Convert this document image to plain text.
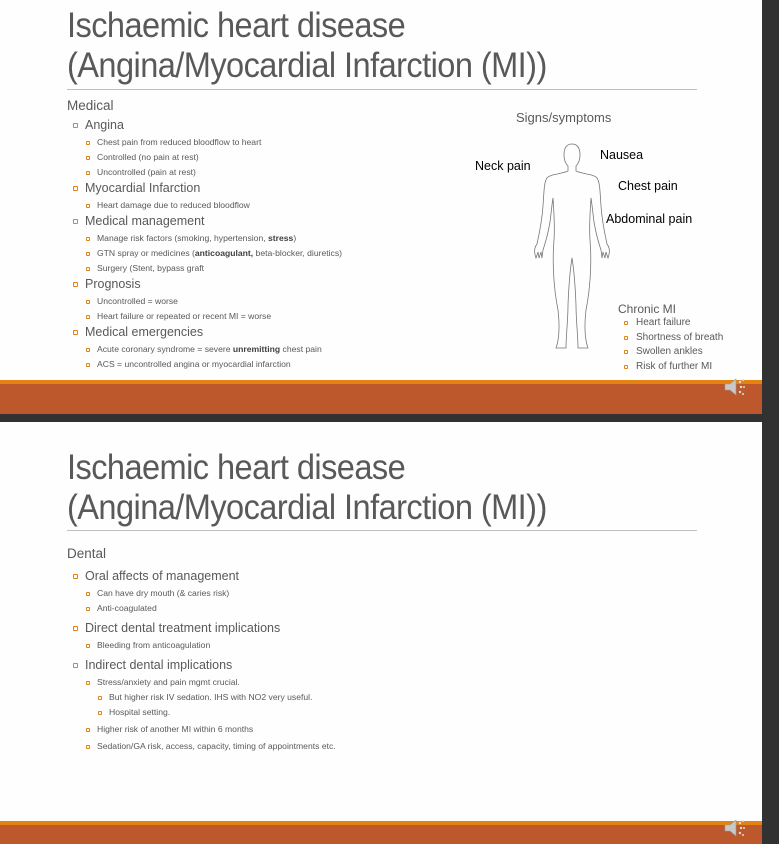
Ischaemic heart disease
(Angina/Myocardial Infarction (MI))
Medical
Angina
Chest pain from reduced bloodflow to heart
Controlled (no pain at rest)
Uncontrolled (pain at rest)
Myocardial Infarction
Heart damage due to reduced bloodflow
Medical management
Manage risk factors (smoking, hypertension, stress)
GTN spray or medicines (anticoagulant, beta-blocker, diuretics)
Surgery (Stent, bypass graft
Prognosis
Uncontrolled = worse
Heart failure or repeated or recent MI = worse
Medical emergencies
Acute coronary syndrome = severe unremitting chest pain
ACS = uncontrolled angina or myocardial infarction
Signs/symptoms
Neck pain
Nausea
Chest pain
Abdominal pain
Chronic MI
Heart failure
Shortness of breath
Swollen ankles
Risk of further MI
Ischaemic heart disease
(Angina/Myocardial Infarction (MI))
Dental
Oral affects of management
Can have dry mouth (& caries risk)
Anti-coagulated
Direct dental treatment implications
Bleeding from anticoagulation
Indirect dental implications
Stress/anxiety and pain mgmt crucial.
But higher risk IV sedation. IHS with NO2 very useful.
Hospital setting.
Higher risk of another MI within 6 months
Sedation/GA risk, access, capacity, timing of appointments etc.
